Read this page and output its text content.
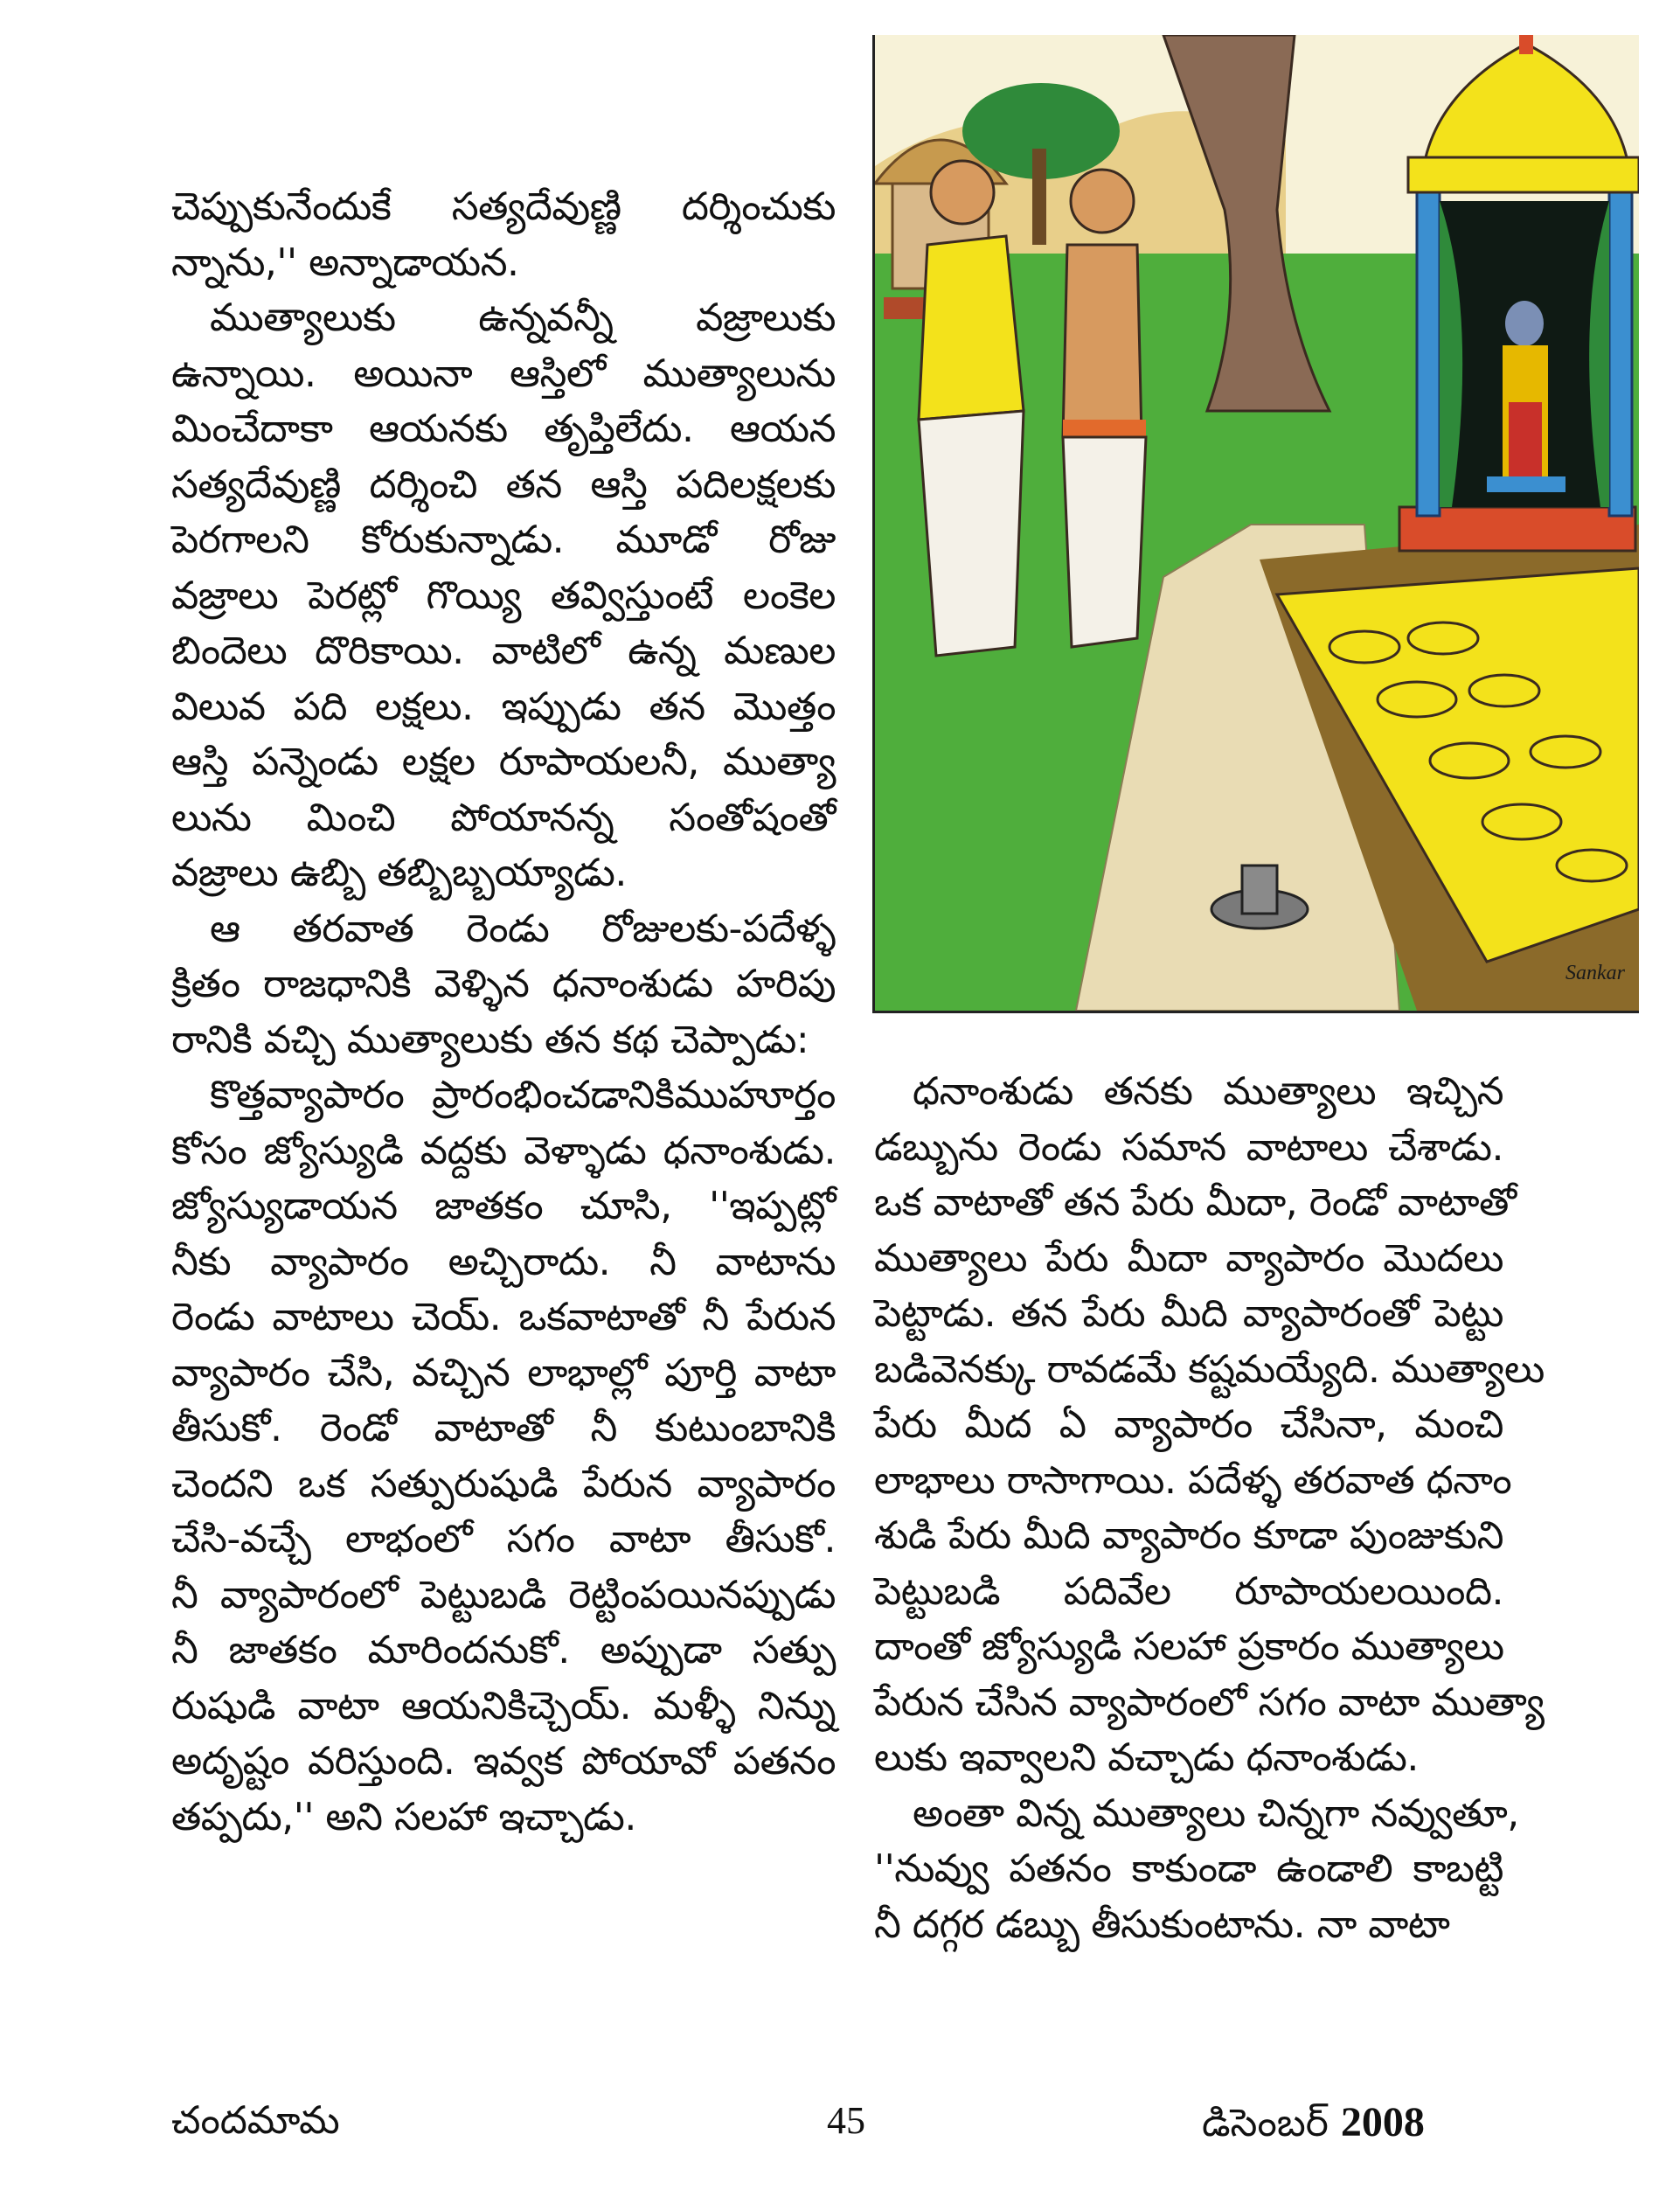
చెప్పుకునేందుకే సత్యదేవుణ్ణి దర్శించుకు

న్నాను,'' అన్నాడాయన.

ముత్యాలుకు ఉన్నవన్నీ వజ్రాలుకు

ఉన్నాయి. అయినా ఆస్తిలో ముత్యాలును

మించేదాకా ఆయనకు తృప్తిలేదు. ఆయన

సత్యదేవుణ్ణి దర్శించి తన ఆస్తి పదిలక్షలకు

పెరగాలని కోరుకున్నాడు. మూడో రోజు

వజ్రాలు పెరట్లో గొయ్యి తవ్విస్తుంటే లంకెల

బిందెలు దొరికాయి. వాటిలో ఉన్న మణుల

విలువ పది లక్షలు. ఇప్పుడు తన మొత్తం

ఆస్తి పన్నెండు లక్షల రూపాయలనీ, ముత్యా

లును మించి పోయానన్న సంతోషంతో

వజ్రాలు ఉబ్బి తబ్బిబ్బయ్యాడు.

ఆ తరవాత రెండు రోజులకు-పదేళ్ళ

క్రితం రాజధానికి వెళ్ళిన ధనాంశుడు హరిపు

రానికి వచ్చి ముత్యాలుకు తన కథ చెప్పాడు:

కొత్తవ్యాపారం ప్రారంభించడానికిముహూర్తం

కోసం జ్యోస్యుడి వద్దకు వెళ్ళాడు ధనాంశుడు.

జ్యోస్యుడాయన జాతకం చూసి, ''ఇప్పట్లో

నీకు వ్యాపారం అచ్చిరాదు. నీ వాటాను

రెండు వాటాలు చెయ్. ఒకవాటాతో నీ పేరున

వ్యాపారం చేసి, వచ్చిన లాభాల్లో పూర్తి వాటా

తీసుకో. రెండో వాటాతో నీ కుటుంబానికి

చెందని ఒక సత్పురుషుడి పేరున వ్యాపారం

చేసి-వచ్చే లాభంలో సగం వాటా తీసుకో.

నీ వ్యాపారంలో పెట్టుబడి రెట్టింపయినప్పుడు

నీ జాతకం మారిందనుకో. అప్పుడా సత్పు

రుషుడి వాటా ఆయనికిచ్చెయ్. మళ్ళీ నిన్ను

అదృష్టం వరిస్తుంది. ఇవ్వక పోయావో పతనం

తప్పదు,'' అని సలహా ఇచ్చాడు.

Sankar

ధనాంశుడు తనకు ముత్యాలు ఇచ్చిన

డబ్బును రెండు సమాన వాటాలు చేశాడు.

ఒక వాటాతో తన పేరు మీదా, రెండో వాటాతో

ముత్యాలు పేరు మీదా వ్యాపారం మొదలు

పెట్టాడు. తన పేరు మీది వ్యాపారంతో పెట్టు

బడివెనక్కు రావడమే కష్టమయ్యేది. ముత్యాలు

పేరు మీద ఏ వ్యాపారం చేసినా, మంచి

లాభాలు రాసాగాయి. పదేళ్ళ తరవాత ధనాం

శుడి పేరు మీది వ్యాపారం కూడా పుంజుకుని

పెట్టుబడి పదివేల రూపాయలయింది.

దాంతో జ్యోస్యుడి సలహా ప్రకారం ముత్యాలు

పేరున చేసిన వ్యాపారంలో సగం వాటా ముత్యా

లుకు ఇవ్వాలని వచ్చాడు ధనాంశుడు.

అంతా విన్న ముత్యాలు చిన్నగా నవ్వుతూ,

''నువ్వు పతనం కాకుండా ఉండాలి కాబట్టి

నీ దగ్గర డబ్బు తీసుకుంటాను. నా వాటా

చందమామ	45	డిసెంబర్ 2008
